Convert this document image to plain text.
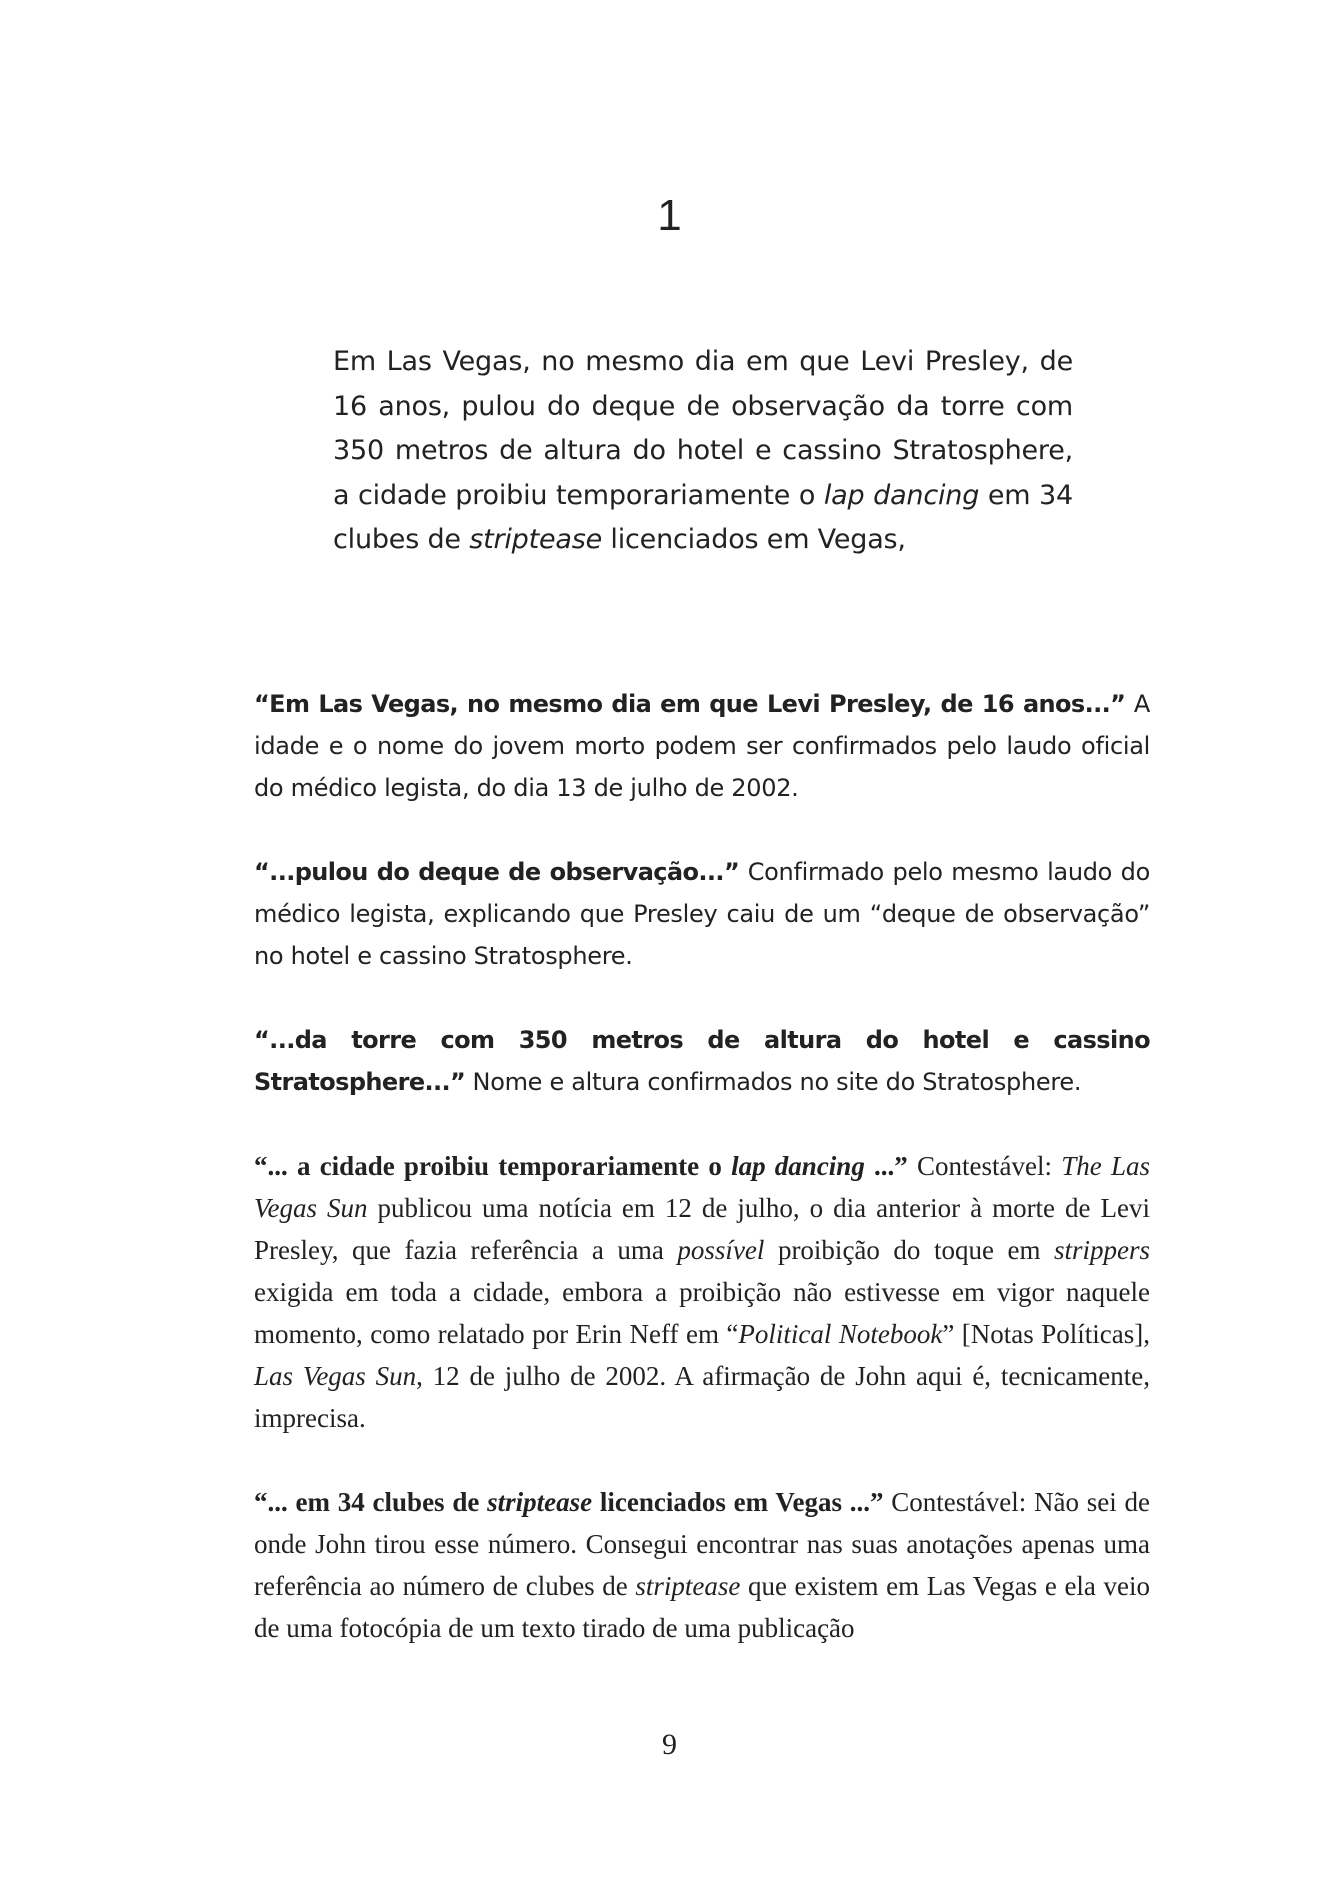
1

Em Las Vegas, no mesmo dia em que Levi Presley, de 16 anos, pulou do deque de observação da torre com 350 metros de altura do hotel e cassino Stratosphere, a cidade proibiu temporariamente o lap dancing em 34 clubes de striptease licenciados em Vegas,

“Em Las Vegas, no mesmo dia em que Levi Presley, de 16 anos...” A idade e o nome do jovem morto podem ser confirmados pelo laudo oficial do médico legista, do dia 13 de julho de 2002.

“...pulou do deque de observação...” Confirmado pelo mesmo laudo do médico legista, explicando que Presley caiu de um “deque de observação” no hotel e cassino Stratosphere.

“...da torre com 350 metros de altura do hotel e cassino Stratosphere...” Nome e altura confirmados no site do Stratosphere.

“... a cidade proibiu temporariamente o lap dancing ...” Contestável: The Las Vegas Sun publicou uma notícia em 12 de julho, o dia anterior à morte de Levi Presley, que fazia referência a uma possível proibição do toque em strippers exigida em toda a cidade, embora a proibição não estivesse em vigor naquele momento, como relatado por Erin Neff em “Political Notebook” [Notas Políticas], Las Vegas Sun, 12 de julho de 2002. A afirmação de John aqui é, tecnicamente, imprecisa.

“... em 34 clubes de striptease licenciados em Vegas ...” Contestável: Não sei de onde John tirou esse número. Consegui encontrar nas suas anotações apenas uma referência ao número de clubes de striptease que existem em Las Vegas e ela veio de uma fotocópia de um texto tirado de uma publicação

9
